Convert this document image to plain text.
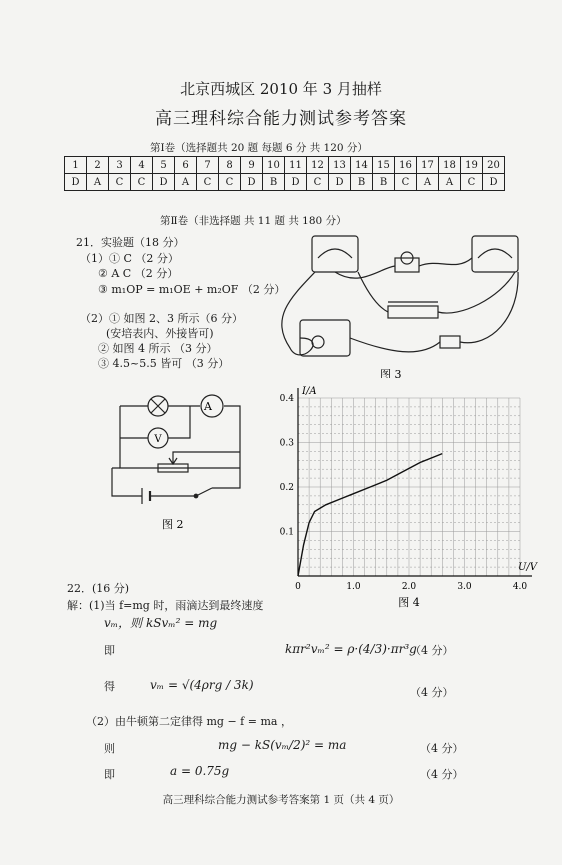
北京西城区 2010 年 3 月抽样
高三理科综合能力测试参考答案
第Ⅰ卷（选择题共 20 题 每题 6 分 共 120 分）
1	2	3	4	5	6	7	8	9	10	11	12	13	14	15	16	17	18	19	20
D	A	C	C	D	A	C	C	D	B	D	C	D	B	B	C	A	A	C	D
第Ⅱ卷（非选择题 共 11 题 共 180 分）
21．实验题（18 分）
（1）① C （2 分）
② A C （2 分）
③ m₁OP = m₁OE + m₂OF （2 分）
（2）① 如图 2、3 所示（6 分）
(安培表内、外接皆可)
② 如图 4 所示 （3 分）
③ 4.5~5.5 皆可 （3 分）
图 3
A
V
图 2
0	1.0	2.0	3.0	4.0
0.1
0.2
0.3
0.4
I/A
U/V
图 4
22．(16 分)
解：(1)当 f=mg 时，雨滴达到最终速度
vₘ，则 kSvₘ² = mg
即	kπr²vₘ² = ρ·(4/3)·πr³g
（4 分）
得	vₘ = √(4ρrg / 3k)
（4 分）
（2）由牛顿第二定律得 mg − f = ma ，
则	mg − kS(vₘ/2)² = ma	（4 分）
即	a = 0.75g	（4 分）
高三理科综合能力测试参考答案第 1 页（共 4 页）
